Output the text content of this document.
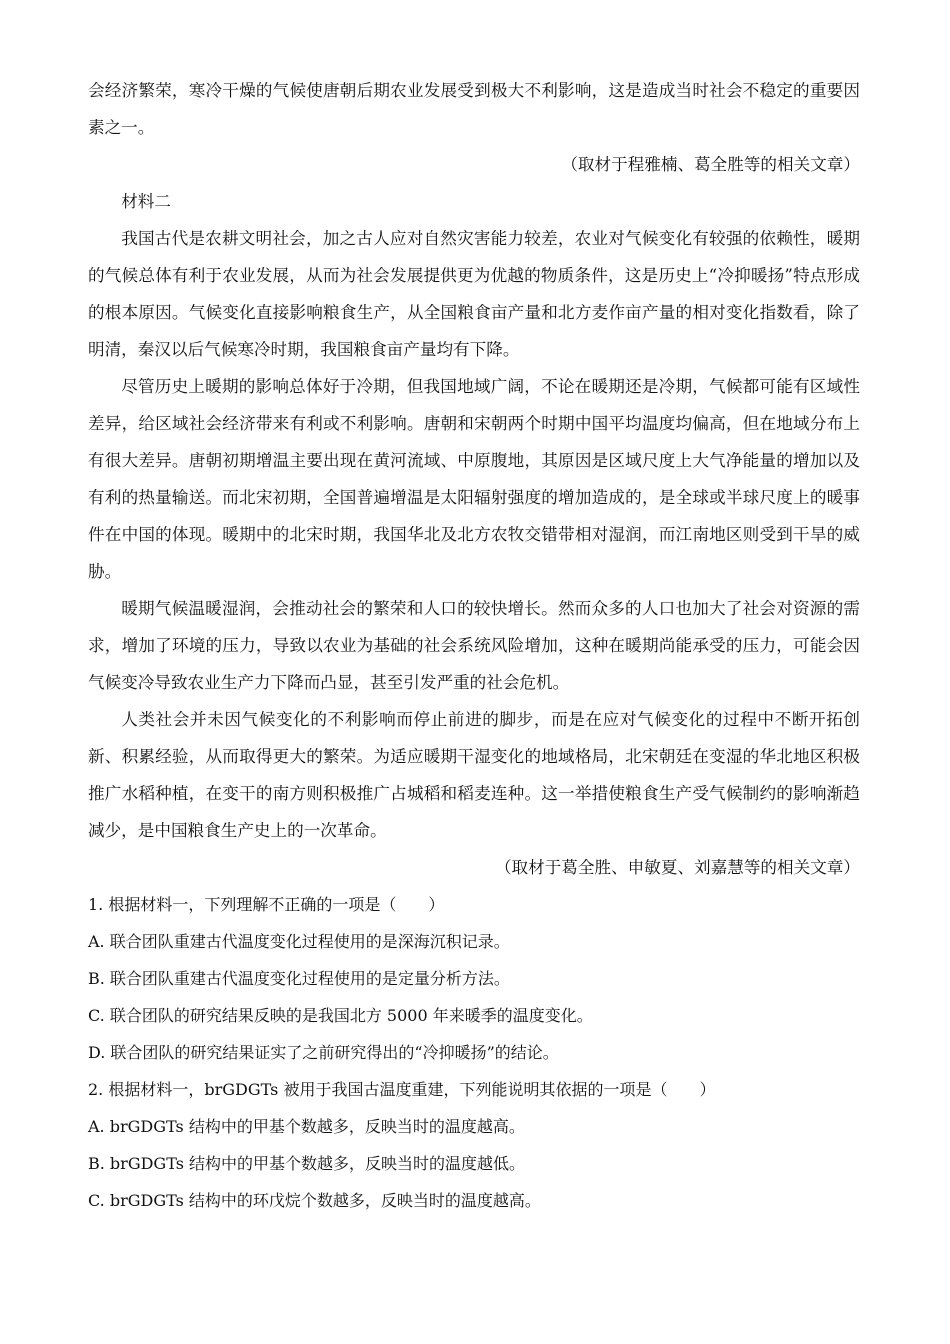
会经济繁荣，寒冷干燥的气候使唐朝后期农业发展受到极大不利影响，这是造成当时社会不稳定的重要因素之一。

（取材于程雅楠、葛全胜等的相关文章）

材料二

我国古代是农耕文明社会，加之古人应对自然灾害能力较差，农业对气候变化有较强的依赖性，暖期的气候总体有利于农业发展，从而为社会发展提供更为优越的物质条件，这是历史上“冷抑暖扬”特点形成的根本原因。气候变化直接影响粮食生产，从全国粮食亩产量和北方麦作亩产量的相对变化指数看，除了明清，秦汉以后气候寒冷时期，我国粮食亩产量均有下降。

尽管历史上暖期的影响总体好于冷期，但我国地域广阔，不论在暖期还是冷期，气候都可能有区域性差异，给区域社会经济带来有利或不利影响。唐朝和宋朝两个时期中国平均温度均偏高，但在地域分布上有很大差异。唐朝初期增温主要出现在黄河流域、中原腹地，其原因是区域尺度上大气净能量的增加以及有利的热量输送。而北宋初期，全国普遍增温是太阳辐射强度的增加造成的，是全球或半球尺度上的暖事件在中国的体现。暖期中的北宋时期，我国华北及北方农牧交错带相对湿润，而江南地区则受到干旱的威胁。

暖期气候温暖湿润，会推动社会的繁荣和人口的较快增长。然而众多的人口也加大了社会对资源的需求，增加了环境的压力，导致以农业为基础的社会系统风险增加，这种在暖期尚能承受的压力，可能会因气候变冷导致农业生产力下降而凸显，甚至引发严重的社会危机。

人类社会并未因气候变化的不利影响而停止前进的脚步，而是在应对气候变化的过程中不断开拓创新、积累经验，从而取得更大的繁荣。为适应暖期干湿变化的地域格局，北宋朝廷在变湿的华北地区积极推广水稻种植，在变干的南方则积极推广占城稻和稻麦连种。这一举措使粮食生产受气候制约的影响渐趋减少，是中国粮食生产史上的一次革命。

（取材于葛全胜、申敏夏、刘嘉慧等的相关文章）

1. 根据材料一，下列理解不正确的一项是（　　）

A. 联合团队重建古代温度变化过程使用的是深海沉积记录。

B. 联合团队重建古代温度变化过程使用的是定量分析方法。

C. 联合团队的研究结果反映的是我国北方 5000 年来暖季的温度变化。

D. 联合团队的研究结果证实了之前研究得出的“冷抑暖扬”的结论。

2. 根据材料一，brGDGTs 被用于我国古温度重建，下列能说明其依据的一项是（　　）

A. brGDGTs 结构中的甲基个数越多，反映当时的温度越高。

B. brGDGTs 结构中的甲基个数越多，反映当时的温度越低。

C. brGDGTs 结构中的环戊烷个数越多，反映当时的温度越高。
